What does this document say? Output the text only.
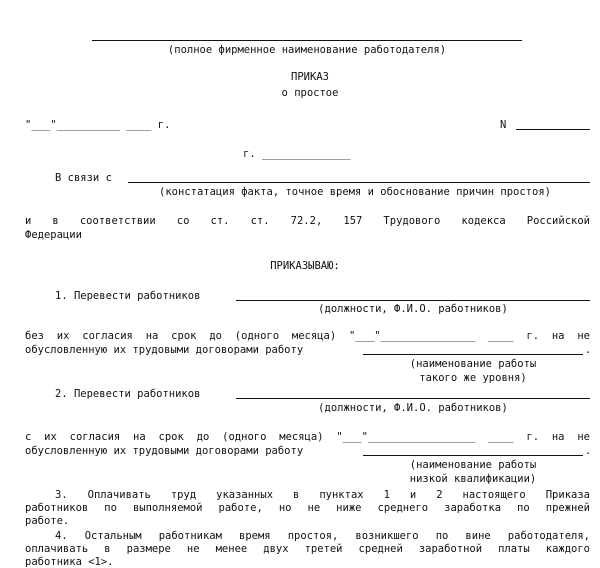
(полное фирменное наименование работодателя)
ПРИКАЗ
о простое
"___"__________ ____ г.	N
г. ______________
В связи с
(констатация факта, точное время и обоснование причин простоя)
и в соответствии со ст. ст. 72.2, 157 Трудового кодекса Российской
Федерации
ПРИКАЗЫВАЮ:
1. Перевести работников
(должности, Ф.И.О. работников)
без их согласия на срок до (одного месяца) "___"_______________ ____ г. на не
обусловленную их трудовыми договорами работу	.
(наименование работы
такого же уровня)
2. Перевести работников
(должности, Ф.И.О. работников)
с их согласия на срок до (одного месяца) "___"_________________ ____ г. на не
обусловленную их трудовыми договорами работу	.
(наименование работы
низкой квалификации)
3. Оплачивать труд указанных в пунктах 1 и 2 настоящего Приказа
работников по выполняемой работе, но не ниже среднего заработка по прежней
работе.
4. Остальным работникам время простоя, возникшего по вине работодателя,
оплачивать в размере не менее двух третей средней заработной платы каждого
работника <1>.
